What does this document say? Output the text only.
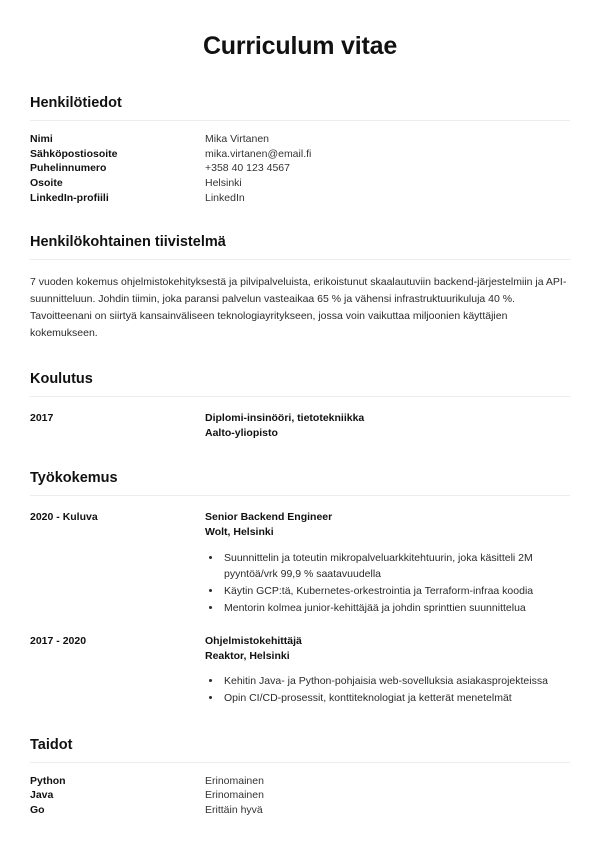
Curriculum vitae
Henkilötiedot
Nimi	Mika Virtanen
Sähköpostiosoite	mika.virtanen@email.fi
Puhelinnumero	+358 40 123 4567
Osoite	Helsinki
LinkedIn-profiili	LinkedIn
Henkilökohtainen tiivistelmä

7 vuoden kokemus ohjelmistokehityksestä ja pilvipalveluista, erikoistunut skaalautuviin backend-järjestelmiin ja API-suunnitteluun. Johdin tiimin, joka paransi palvelun vasteaikaa 65 % ja vähensi infrastruktuurikuluja 40 %. Tavoitteenani on siirtyä kansainväliseen teknologiayritykseen, jossa voin vaikuttaa miljoonien käyttäjien kokemukseen.

Koulutus
2017	Diplomi-insinööri, tietotekniikka
Aalto-yliopisto
Työkokemus
2020 - Kuluva	Senior Backend Engineer
Wolt, Helsinki
• Suunnittelin ja toteutin mikropalveluarkkitehtuurin, joka käsitteli 2M pyyntöä/vrk 99,9 % saatavuudella
• Käytin GCP:tä, Kubernetes-orkestrointia ja Terraform-infraa koodia
• Mentorin kolmea junior-kehittäjää ja johdin sprinttien suunnittelua
2017 - 2020	Ohjelmistokehittäjä
Reaktor, Helsinki
• Kehitin Java- ja Python-pohjaisia web-sovelluksia asiakasprojekteissa
• Opin CI/CD-prosessit, konttiteknologiat ja ketterät menetelmät
Taidot
Python	Erinomainen
Java	Erinomainen
Go	Erittäin hyvä
